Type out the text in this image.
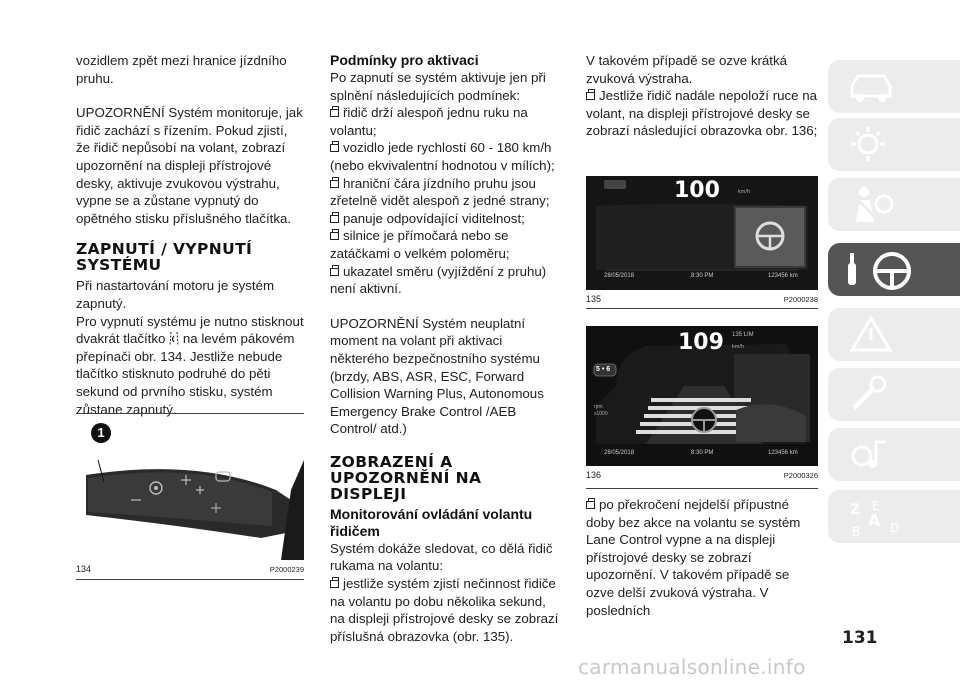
vozidlem zpět mezi hranice jízdního pruhu.

UPOZORNĚNÍ Systém monitoruje, jak řidič zachází s řízením. Pokud zjistí, že řidič nepůsobí na volant, zobrazí upozornění na displeji přístrojové desky, aktivuje zvukovou výstrahu, vypne se a zůstane vypnutý do opětného stisku příslušného tlačítka.

ZAPNUTÍ / VYPNUTÍ SYSTÉMU

Při nastartování motoru je systém zapnutý.

Pro vypnutí systému je nutno stisknout dvakrát tlačítko na levém pákovém přepínači obr. 134. Jestliže nebude tlačítko stisknuto podruhé do pěti sekund od prvního stisku, systém zůstane zapnutý.

1
134	P2000239
Podmínky pro aktivaci

Po zapnutí se systém aktivuje jen při splnění následujících podmínek:

řidič drží alespoň jednu ruku na volantu;

vozidlo jede rychlostí 60 - 180 km/h (nebo ekvivalentní hodnotou v mílích);

hraniční čára jízdního pruhu jsou zřetelně vidět alespoň z jedné strany;

panuje odpovídající viditelnost;

silnice je přímočará nebo se zatáčkami o velkém poloměru;

ukazatel směru (vyjíždění z pruhu) není aktivní.

UPOZORNĚNÍ Systém neuplatní moment na volant při aktivaci některého bezpečnostního systému (brzdy, ABS, ASR, ESC, Forward Collision Warning Plus, Autonomous Emergency Brake Control /AEB Control/ atd.)

ZOBRAZENÍ A UPOZORNĚNÍ NA DISPLEJI
Monitorování ovládání volantu řidičem

Systém dokáže sledovat, co dělá řidič rukama na volantu:

jestliže systém zjistí nečinnost řidiče na volantu po dobu několika sekund, na displeji přístrojové desky se zobrazí příslušná obrazovka (obr. 135).

V takovém případě se ozve krátká zvuková výstraha.

Jestliže řidič nadále nepoloží ruce na volant, na displeji přístrojové desky se zobrazí následující obrazovka obr. 136;

100	km/h
28/05/2018	8:30 PM	123456 km
135	P2000238
109 135 LIM
km/h
5 • 6
rpm x1000
28/05/2018	8:30 PM	123456 km
136	P2000326

po překročení nejdelší přípustné doby bez akce na volantu se systém Lane Control vypne a na displeji přístrojové desky se zobrazí upozornění. V takovém případě se ozve delší zvuková výstraha. V posledních

Z E
A D
B
131
carmanualsonline.info
